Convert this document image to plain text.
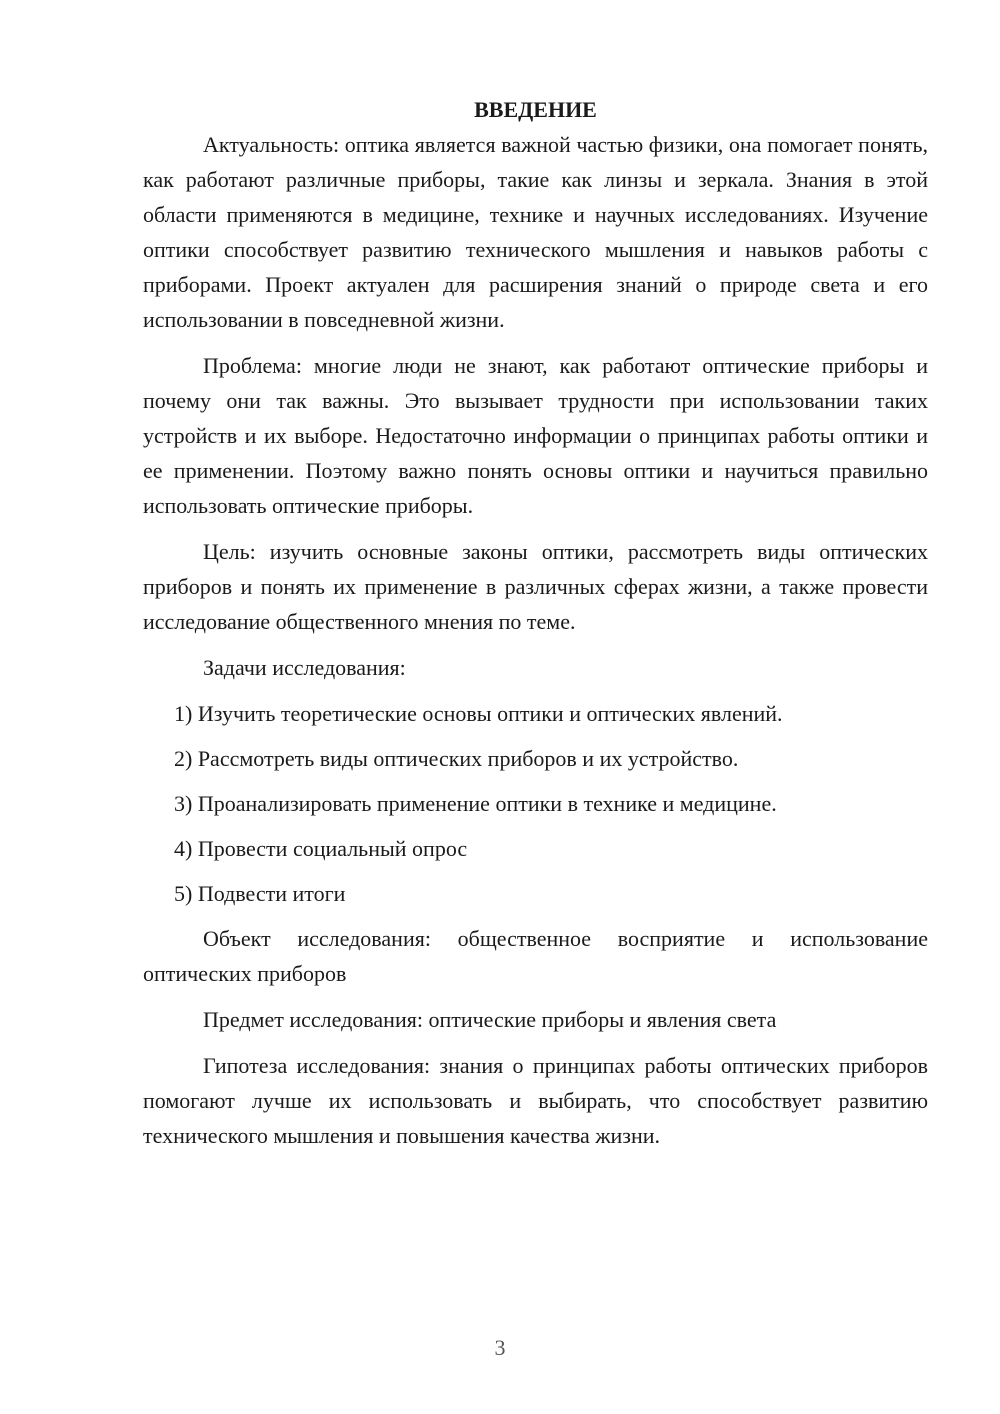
ВВЕДЕНИЕ

Актуальность: оптика является важной частью физики, она помогает понять, как работают различные приборы, такие как линзы и зеркала. Знания в этой области применяются в медицине, технике и научных исследованиях. Изучение оптики способствует развитию технического мышления и навыков работы с приборами. Проект актуален для расширения знаний о природе света и его использовании в повседневной жизни.

Проблема: многие люди не знают, как работают оптические приборы и почему они так важны. Это вызывает трудности при использовании таких устройств и их выборе. Недостаточно информации о принципах работы оптики и ее применении. Поэтому важно понять основы оптики и научиться правильно использовать оптические приборы.

Цель: изучить основные законы оптики, рассмотреть виды оптических приборов и понять их применение в различных сферах жизни, а также провести исследование общественного мнения по теме.

Задачи исследования:

1) Изучить теоретические основы оптики и оптических явлений.

2) Рассмотреть виды оптических приборов и их устройство.

3) Проанализировать применение оптики в технике и медицине.

4) Провести социальный опрос

5) Подвести итоги

Объект исследования: общественное восприятие и использование оптических приборов

Предмет исследования: оптические приборы и явления света

Гипотеза исследования: знания о принципах работы оптических приборов помогают лучше их использовать и выбирать, что способствует развитию технического мышления и повышения качества жизни.

3
